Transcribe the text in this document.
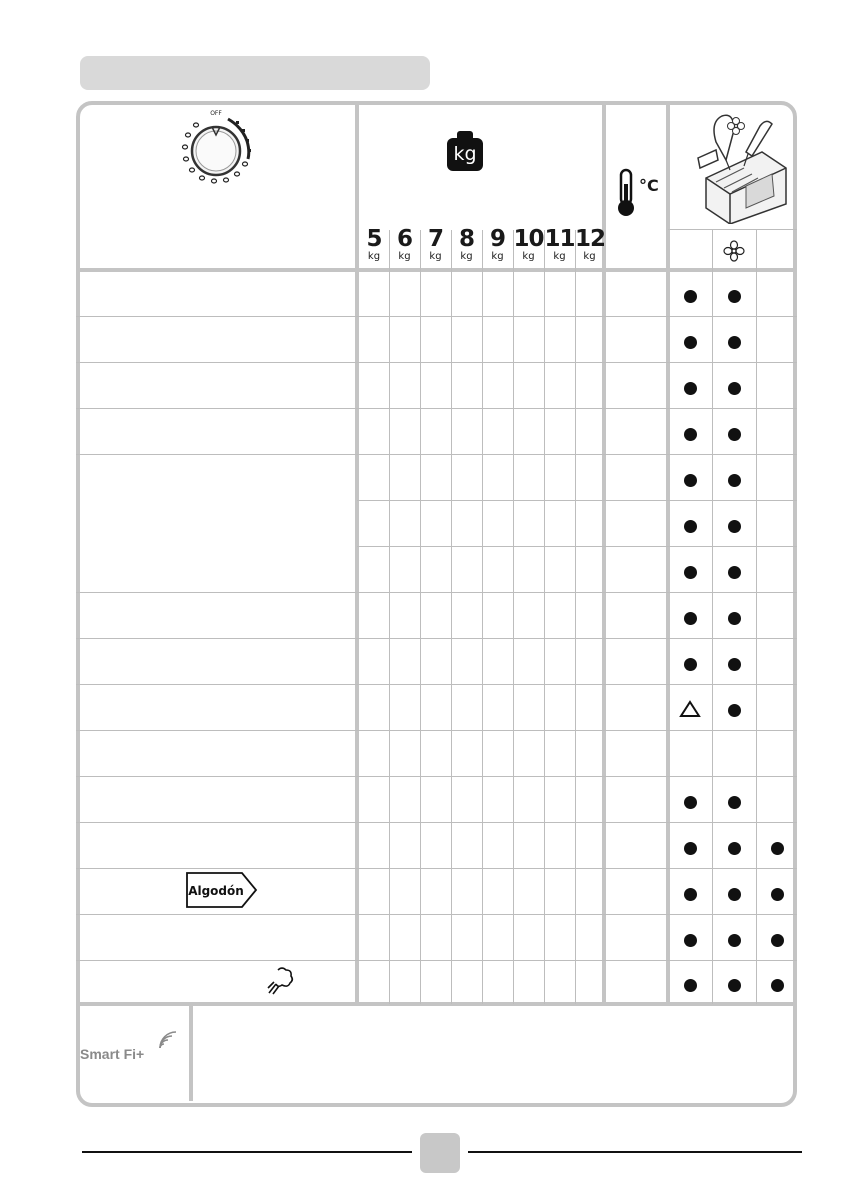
OFF
kg
°C
5
kg
6
kg
7
kg
8
kg
9
kg
10
kg
11
kg
12
kg
Algodón
Smart Fi+
